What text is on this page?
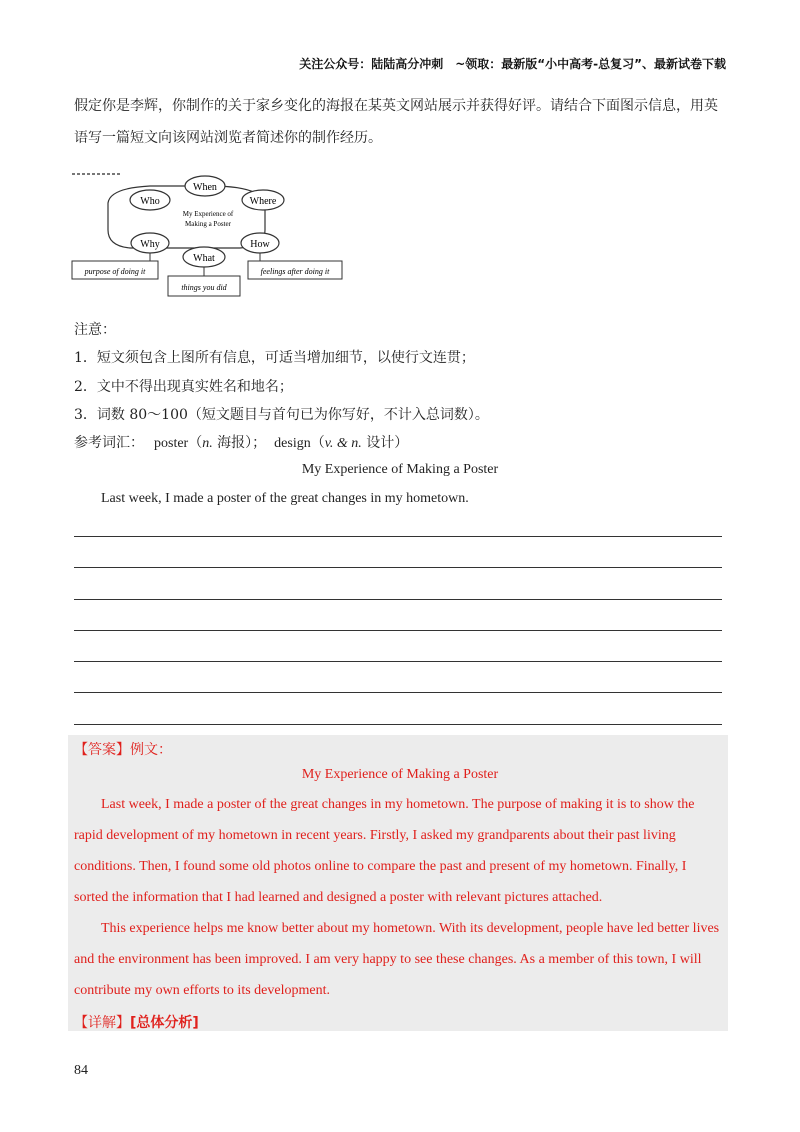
关注公众号：陆陆高分冲刺　~领取：最新版“小中高考-总复习”、最新试卷下载
假定你是李辉，你制作的关于家乡变化的海报在某英文网站展示并获得好评。请结合下面图示信息，用英
语写一篇短文向该网站浏览者简述你的制作经历。
When
Who	Where
Why
What
How
My Experience of
Making a Poster
purpose of doing it
things you did
feelings after doing it
注意：
1．短文须包含上图所有信息，可适当增加细节，以使行文连贯；
2．文中不得出现真实姓名和地名；
3．词数 80～100（短文题目与首句已为你写好，不计入总词数）。
参考词汇： poster（n. 海报）； design（v. & n. 设计）
My Experience of Making a Poster
Last week, I made a poster of the great changes in my hometown.
【答案】例文：
My Experience of Making a Poster
Last week, I made a poster of the great changes in my hometown. The purpose of making it is to show the
rapid development of my hometown in recent years. Firstly, I asked my grandparents about their past living
conditions. Then, I found some old photos online to compare the past and present of my hometown. Finally, I
sorted the information that I had learned and designed a poster with relevant pictures attached.
This experience helps me know better about my hometown. With its development, people have led better lives
and the environment has been improved. I am very happy to see these changes. As a member of this town, I will
contribute my own efforts to its development.
【详解】[总体分析]
84
